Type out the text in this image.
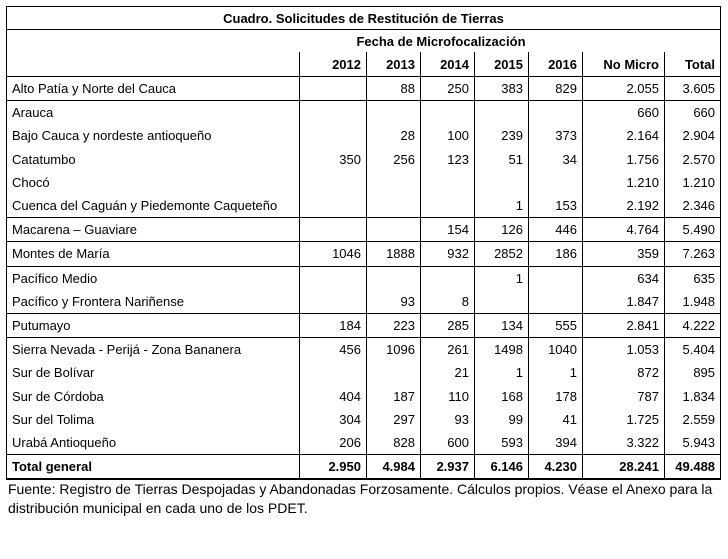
Cuadro. Solicitudes de Restitución de Tierras							
	Fecha de Microfocalización						
	2012	2013	2014	2015	2016	No Micro	Total
Alto Patía y Norte del Cauca		88	250	383	829	2.055	3.605
Arauca						660	660
Bajo Cauca y nordeste antioqueño		28	100	239	373	2.164	2.904
Catatumbo	350	256	123	51	34	1.756	2.570
Chocó						1.210	1.210
Cuenca del Caguán y Piedemonte Caqueteño				1	153	2.192	2.346
Macarena – Guaviare			154	126	446	4.764	5.490
Montes de María	1046	1888	932	2852	186	359	7.263
Pacífico Medio				1		634	635
Pacífico y Frontera Nariñense		93	8			1.847	1.948
Putumayo	184	223	285	134	555	2.841	4.222
Sierra Nevada - Perijá - Zona Bananera	456	1096	261	1498	1040	1.053	5.404
Sur de Bolívar			21	1	1	872	895
Sur de Córdoba	404	187	110	168	178	787	1.834
Sur del Tolima	304	297	93	99	41	1.725	2.559
Urabá Antioqueño	206	828	600	593	394	3.322	5.943
Total general	2.950	4.984	2.937	6.146	4.230	28.241	49.488
Fuente: Registro de Tierras Despojadas y Abandonadas Forzosamente. Cálculos propios. Véase el Anexo para la distribución municipal en cada uno de los PDET.
